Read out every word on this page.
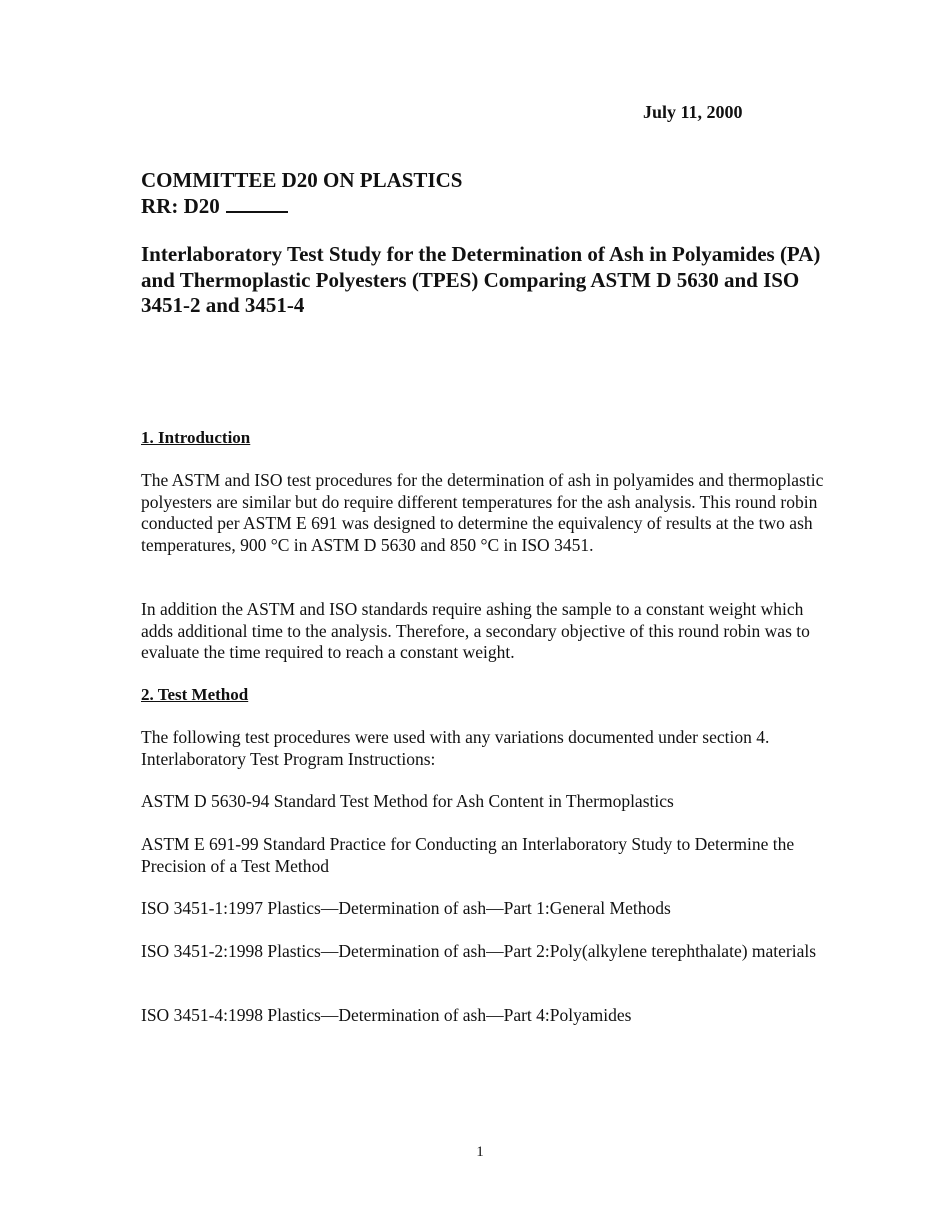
July 11, 2000
COMMITTEE D20 ON PLASTICS
RR: D20
Interlaboratory Test Study for the Determination of Ash in Polyamides (PA) and Thermoplastic Polyesters (TPES) Comparing ASTM D 5630 and ISO 3451-2 and 3451-4
1. Introduction
The ASTM and ISO test procedures for the determination of ash in polyamides and thermoplastic polyesters are similar but do require different temperatures for the ash analysis. This round robin conducted per ASTM E 691 was designed to determine the equivalency of results at the two ash temperatures, 900 °C in ASTM D 5630 and 850 °C in ISO 3451.
In addition the ASTM and ISO standards require ashing the sample to a constant weight which adds additional time to the analysis. Therefore, a secondary objective of this round robin was to evaluate the time required to reach a constant weight.
2. Test Method
The following test procedures were used with any variations documented under section 4. Interlaboratory Test Program Instructions:
ASTM D 5630-94 Standard Test Method for Ash Content in Thermoplastics
ASTM E 691-99 Standard Practice for Conducting an Interlaboratory Study to Determine the Precision of a Test Method
ISO 3451-1:1997 Plastics—Determination of ash—Part 1:General Methods
ISO 3451-2:1998 Plastics—Determination of ash—Part 2:Poly(alkylene terephthalate) materials
ISO 3451-4:1998 Plastics—Determination of ash—Part 4:Polyamides
1
